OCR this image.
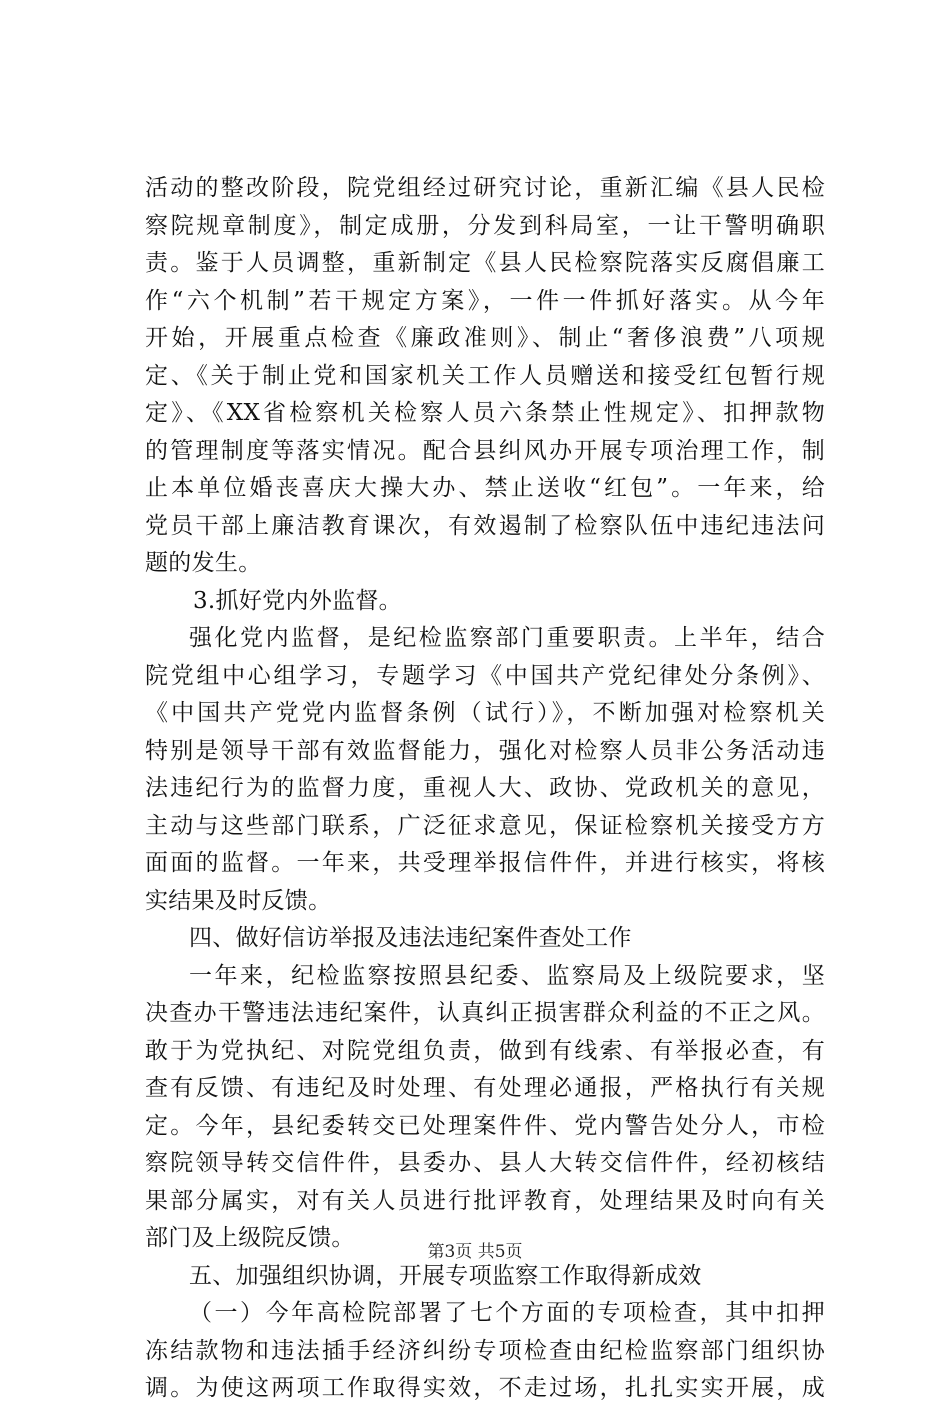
活动的整改阶段，院党组经过研究讨论，重新汇编《县人民检
察院规章制度》，制定成册，分发到科局室，一让干警明确职
责。鉴于人员调整，重新制定《县人民检察院落实反腐倡廉工
作“六个机制”若干规定方案》，一件一件抓好落实。从今年
开始，开展重点检查《廉政准则》、制止“奢侈浪费”八项规
定、《关于制止党和国家机关工作人员赠送和接受红包暂行规
定》、《XX省检察机关检察人员六条禁止性规定》、扣押款物
的管理制度等落实情况。配合县纠风办开展专项治理工作，制
止本单位婚丧喜庆大操大办、禁止送收“红包”。一年来，给
党员干部上廉洁教育课次，有效遏制了检察队伍中违纪违法问
题的发生。
3.抓好党内外监督。
强化党内监督，是纪检监察部门重要职责。上半年，结合
院党组中心组学习，专题学习《中国共产党纪律处分条例》、
《中国共产党党内监督条例（试行）》，不断加强对检察机关
特别是领导干部有效监督能力，强化对检察人员非公务活动违
法违纪行为的监督力度，重视人大、政协、党政机关的意见，
主动与这些部门联系，广泛征求意见，保证检察机关接受方方
面面的监督。一年来，共受理举报信件件，并进行核实，将核
实结果及时反馈。
四、做好信访举报及违法违纪案件查处工作
一年来，纪检监察按照县纪委、监察局及上级院要求，坚
决查办干警违法违纪案件，认真纠正损害群众利益的不正之风。
敢于为党执纪、对院党组负责，做到有线索、有举报必查，有
查有反馈、有违纪及时处理、有处理必通报，严格执行有关规
定。今年，县纪委转交已处理案件件、党内警告处分人，市检
察院领导转交信件件，县委办、县人大转交信件件，经初核结
果部分属实，对有关人员进行批评教育，处理结果及时向有关
部门及上级院反馈。
五、加强组织协调，开展专项监察工作取得新成效
（一）今年高检院部署了七个方面的专项检查，其中扣押
冻结款物和违法插手经济纠纷专项检查由纪检监察部门组织协
调。为使这两项工作取得实效，不走过场，扎扎实实开展，成
第3页 共5页
